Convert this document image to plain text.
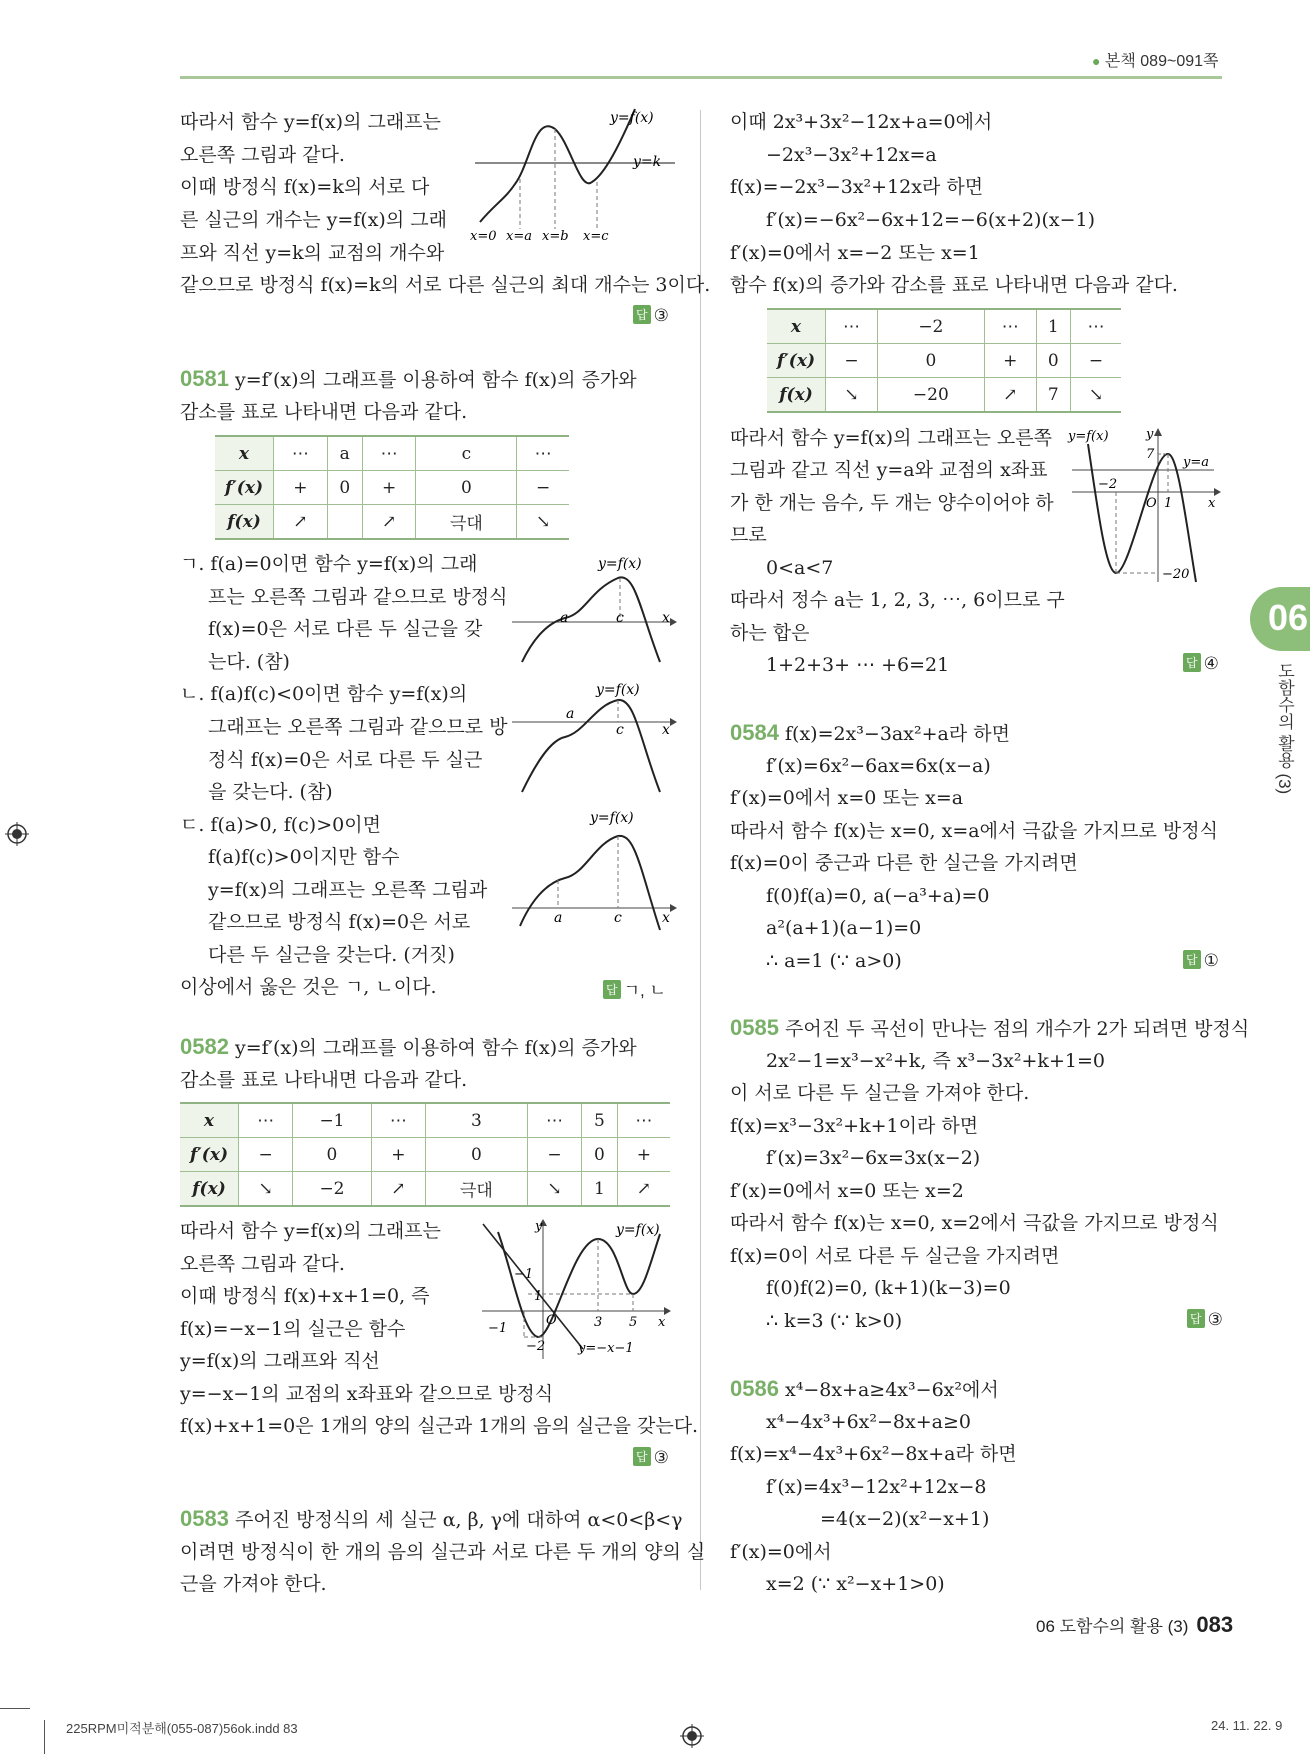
● 본책 089~091쪽
따라서 함수 y=f(x)의 그래프는
오른쪽 그림과 같다.
이때 방정식 f(x)=k의 서로 다
른 실근의 개수는 y=f(x)의 그래
프와 직선 y=k의 교점의 개수와
같으므로 방정식 f(x)=k의 서로 다른 실근의 최대 개수는 3이다.
y=f(x)
y=k
x=0 x=a x=b x=c
답 ③
0581 y=f′(x)의 그래프를 이용하여 함수 f(x)의 증가와
감소를 표로 나타내면 다음과 같다.
x	⋯	a	⋯	c	⋯
f′(x)	+	0	+	0	−
f(x)	↗		↗	극대	↘
ㄱ. f(a)=0이면 함수 y=f(x)의 그래
프는 오른쪽 그림과 같으므로 방정식
f(x)=0은 서로 다른 두 실근을 갖
는다. (참)
ㄴ. f(a)f(c)<0이면 함수 y=f(x)의
그래프는 오른쪽 그림과 같으므로 방
정식 f(x)=0은 서로 다른 두 실근
을 갖는다. (참)
ㄷ. f(a)>0, f(c)>0이면
f(a)f(c)>0이지만 함수
y=f(x)의 그래프는 오른쪽 그림과
같으므로 방정식 f(x)=0은 서로
다른 두 실근을 갖는다. (거짓)
이상에서 옳은 것은 ㄱ, ㄴ이다.
y=f(x)
a	c	x
y=f(x)
a
c	x
y=f(x)
a	c	x
답 ㄱ, ㄴ
0582 y=f′(x)의 그래프를 이용하여 함수 f(x)의 증가와
감소를 표로 나타내면 다음과 같다.
x	⋯	−1	⋯	3	⋯	5	⋯
f′(x)	−	0	+	0	−	0	+
f(x)	↘	−2	↗	극대	↘	1	↗
따라서 함수 y=f(x)의 그래프는
오른쪽 그림과 같다.
이때 방정식 f(x)+x+1=0, 즉
f(x)=−x−1의 실근은 함수
y=f(x)의 그래프와 직선
y=−x−1의 교점의 x좌표와 같으므로 방정식
f(x)+x+1=0은 1개의 양의 실근과 1개의 음의 실근을 갖는다.
y	y=f(x)
−1
1
−1
O	3 5 x
−2	y=−x−1
답 ③
0583 주어진 방정식의 세 실근 α, β, γ에 대하여 α<0<β<γ
이려면 방정식이 한 개의 음의 실근과 서로 다른 두 개의 양의 실
근을 가져야 한다.
이때 2x³+3x²−12x+a=0에서
−2x³−3x²+12x=a
f(x)=−2x³−3x²+12x라 하면
f′(x)=−6x²−6x+12=−6(x+2)(x−1)
f′(x)=0에서 x=−2 또는 x=1
함수 f(x)의 증가와 감소를 표로 나타내면 다음과 같다.
x	⋯	−2	⋯	1	⋯
f′(x)	−	0	+	0	−
f(x)	↘	−20	↗	7	↘
따라서 함수 y=f(x)의 그래프는 오른쪽
그림과 같고 직선 y=a와 교점의 x좌표
가 한 개는 음수, 두 개는 양수이어야 하
므로
0<a<7
따라서 정수 a는 1, 2, 3, ⋯, 6이므로 구
하는 합은
1+2+3+ ⋯ +6=21
y=f(x)	y
7
y=a
−2
O 1	x
−20
답 ④
0584 f(x)=2x³−3ax²+a라 하면
f′(x)=6x²−6ax=6x(x−a)
f′(x)=0에서 x=0 또는 x=a
따라서 함수 f(x)는 x=0, x=a에서 극값을 가지므로 방정식
f(x)=0이 중근과 다른 한 실근을 가지려면
f(0)f(a)=0, a(−a³+a)=0
a²(a+1)(a−1)=0
∴ a=1 (∵ a>0)	답 ①
0585 주어진 두 곡선이 만나는 점의 개수가 2가 되려면 방정식
2x²−1=x³−x²+k, 즉 x³−3x²+k+1=0
이 서로 다른 두 실근을 가져야 한다.
f(x)=x³−3x²+k+1이라 하면
f′(x)=3x²−6x=3x(x−2)
f′(x)=0에서 x=0 또는 x=2
따라서 함수 f(x)는 x=0, x=2에서 극값을 가지므로 방정식
f(x)=0이 서로 다른 두 실근을 가지려면
f(0)f(2)=0, (k+1)(k−3)=0
∴ k=3 (∵ k>0)	답 ③
0586 x⁴−8x+a≥4x³−6x²에서
x⁴−4x³+6x²−8x+a≥0
f(x)=x⁴−4x³+6x²−8x+a라 하면
f′(x)=4x³−12x²+12x−8
=4(x−2)(x²−x+1)
f′(x)=0에서
x=2 (∵ x²−x+1>0)
06
도함수의 활용 (3)
06 도함수의 활용 (3) 083
225RPM미적분해(055-087)56ok.indd 83	24. 11. 22. 9
